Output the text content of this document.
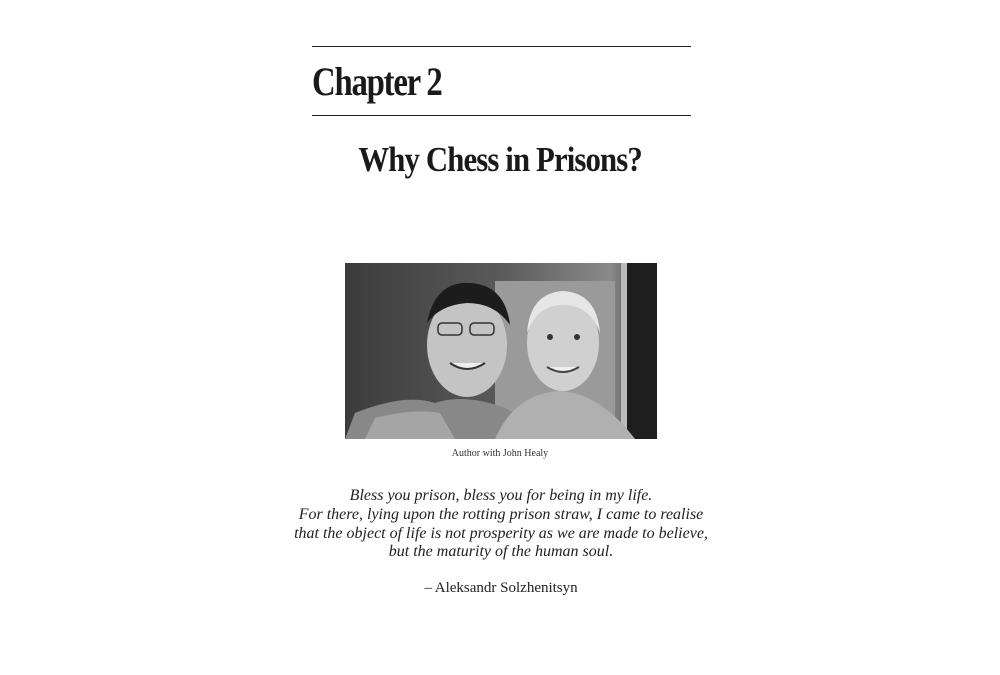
Chapter 2
Why Chess in Prisons?
Author with John Healy
Bless you prison, bless you for being in my life.
For there, lying upon the rotting prison straw, I came to realise
that the object of life is not prosperity as we are made to believe,
but the maturity of the human soul.
– Aleksandr Solzhenitsyn
